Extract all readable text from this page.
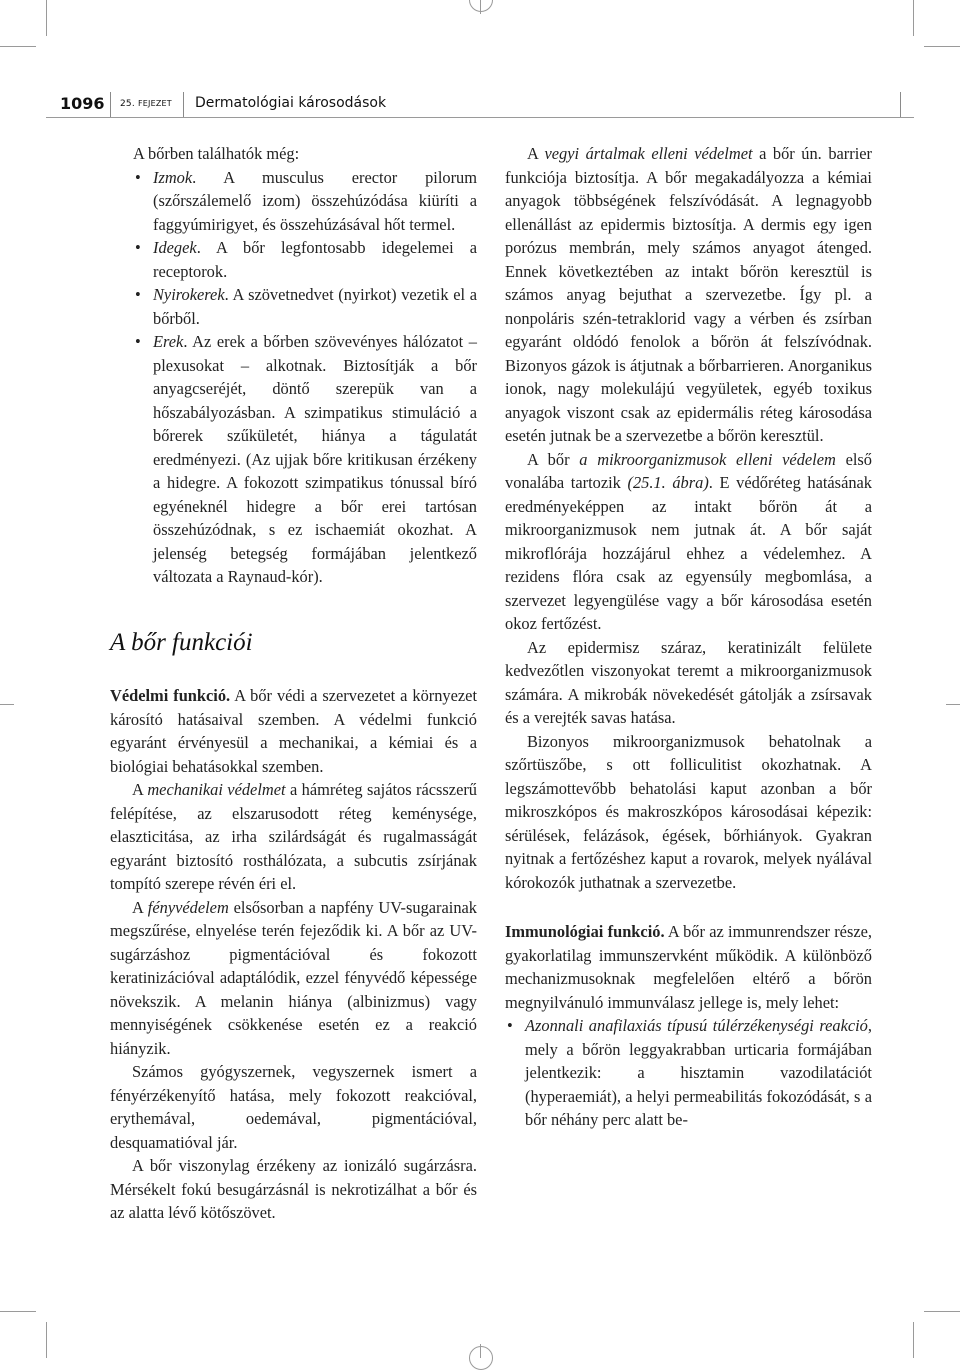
1096 25. FEJEZET Dermatológiai károsodások

A bőrben találhatók még:

• Izmok. A musculus erector pilorum (szőrszálemelő izom) összehúzódása kiüríti a faggyúmirigyet, és összehúzásával hőt termel.
• Idegek. A bőr legfontosabb idegelemei a receptorok.
• Nyirokerek. A szövetnedvet (nyirkot) vezetik el a bőrből.
• Erek. Az erek a bőrben szövevényes hálózatot – plexusokat – alkotnak. Biztosítják a bőr anyagcseréjét, döntő szerepük van a hőszabályozásban. A szimpatikus stimuláció a bőrerek szűkületét, hiánya a tágulatát eredményezi. (Az ujjak bőre kritikusan érzékeny a hidegre. A fokozott szimpatikus tónussal bíró egyéneknél hidegre a bőr erei tartósan összehúzódnak, s ez ischaemiát okozhat. A jelenség betegség formájában jelentkező változata a Raynaud-kór).
A bőr funkciói

Védelmi funkció. A bőr védi a szervezetet a környezet károsító hatásaival szemben. A védelmi funkció egyaránt érvényesül a mechanikai, a kémiai és a biológiai behatásokkal szemben.

A mechanikai védelmet a hámréteg sajátos rácsszerű felépítése, az elszarusodott réteg keménysége, elaszticitása, az irha szilárdságát és rugalmasságát egyaránt biztosító rosthálózata, a subcutis zsírjának tompító szerepe révén éri el.

A fényvédelem elsősorban a napfény UV-sugarainak megszűrése, elnyelése terén fejeződik ki. A bőr az UV-sugárzáshoz pigmentációval és fokozott keratinizációval adaptálódik, ezzel fényvédő képessége növekszik. A melanin hiánya (albinizmus) vagy mennyiségének csökkenése esetén ez a reakció hiányzik.

Számos gyógyszernek, vegyszernek ismert a fényérzékenyítő hatása, mely fokozott reakcióval, erythemával, oedemával, pigmentációval, desquamatióval jár.

A bőr viszonylag érzékeny az ionizáló sugárzásra. Mérsékelt fokú besugárzásnál is nekrotizálhat a bőr és az alatta lévő kötőszövet.

A vegyi ártalmak elleni védelmet a bőr ún. barrier funkciója biztosítja. A bőr megakadályozza a kémiai anyagok többségének felszívódását. A legnagyobb ellenállást az epidermis biztosítja. A dermis egy igen porózus membrán, mely számos anyagot átenged. Ennek következtében az intakt bőrön keresztül is számos anyag bejuthat a szervezetbe. Így pl. a nonpoláris szén-tetraklorid vagy a vérben és zsírban egyaránt oldódó fenolok a bőrön át felszívódnak. Bizonyos gázok is átjutnak a bőrbarrieren. Anorganikus ionok, nagy molekulájú vegyületek, egyéb toxikus anyagok viszont csak az epidermális réteg károsodása esetén jutnak be a szervezetbe a bőrön keresztül.

A bőr a mikroorganizmusok elleni védelem első vonalába tartozik (25.1. ábra). E védőréteg hatásának eredményeképpen az intakt bőrön át a mikroorganizmusok nem jutnak át. A bőr saját mikroflórája hozzájárul ehhez a védelemhez. A rezidens flóra csak az egyensúly megbomlása, a szervezet legyengülése vagy a bőr károsodása esetén okoz fertőzést.

Az epidermisz száraz, keratinizált felülete kedvezőtlen viszonyokat teremt a mikroorganizmusok számára. A mikrobák növekedését gátolják a zsírsavak és a verejték savas hatása.

Bizonyos mikroorganizmusok behatolnak a szőrtüszőbe, s ott folliculitist okozhatnak. A legszámottevőbb behatolási kaput azonban a bőr mikroszkópos és makroszkópos károsodásai képezik: sérülések, felázások, égések, bőrhiányok. Gyakran nyitnak a fertőzéshez kaput a rovarok, melyek nyálával kórokozók juthatnak a szervezetbe.

Immunológiai funkció. A bőr az immunrendszer része, gyakorlatilag immunszervként működik. A különböző mechanizmusoknak megfelelően eltérő a bőrön megnyilvánuló immunválasz jellege is, mely lehet:

• Azonnali anafilaxiás típusú túlérzékenységi reakció, mely a bőrön leggyakrabban urticaria formájában jelentkezik: a hisztamin vazodilatációt (hyperaemiát), a helyi permeabilitás fokozódását, s a bőr néhány perc alatt be-
